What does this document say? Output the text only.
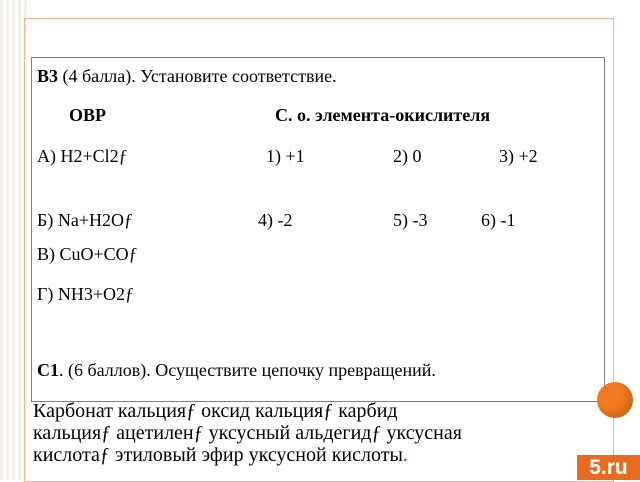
В3 (4 балла). Установите соответствие.
ОВР	С. о. элемента-окислителя
А) H2+Cl2ƒ	1) +1	2) 0	3) +2
Б) Na+H2Oƒ	4) -2	5) -3	6) -1
В) CuO+COƒ
Г) NH3+O2ƒ
С1. (6 баллов). Осуществите цепочку превращений.
Карбонат кальцияƒ оксид кальцияƒ карбид
кальцияƒ ацетиленƒ уксусный альдегидƒ уксусная
кислотаƒ этиловый эфир уксусной кислоты.
5.ru
